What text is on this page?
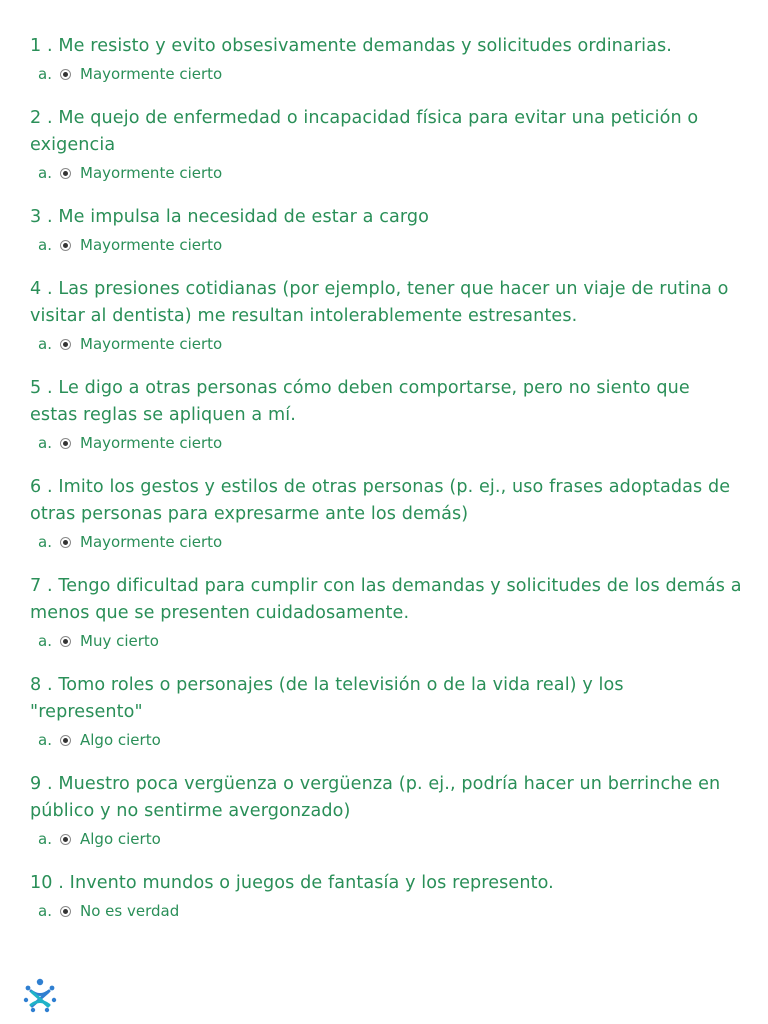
1 . Me resisto y evito obsesivamente demandas y solicitudes ordinarias.
a.	Mayormente cierto
2 . Me quejo de enfermedad o incapacidad física para evitar una petición o exigencia
a.	Mayormente cierto
3 . Me impulsa la necesidad de estar a cargo
a.	Mayormente cierto
4 . Las presiones cotidianas (por ejemplo, tener que hacer un viaje de rutina o visitar al dentista) me resultan intolerablemente estresantes.
a.	Mayormente cierto
5 . Le digo a otras personas cómo deben comportarse, pero no siento que estas reglas se apliquen a mí.
a.	Mayormente cierto
6 . Imito los gestos y estilos de otras personas (p. ej., uso frases adoptadas de otras personas para expresarme ante los demás)
a.	Mayormente cierto
7 . Tengo dificultad para cumplir con las demandas y solicitudes de los demás a menos que se presenten cuidadosamente.
a.	Muy cierto
8 . Tomo roles o personajes (de la televisión o de la vida real) y los "represento"
a.	Algo cierto
9 . Muestro poca vergüenza o vergüenza (p. ej., podría hacer un berrinche en público y no sentirme avergonzado)
a.	Algo cierto
10 . Invento mundos o juegos de fantasía y los represento.
a.	No es verdad
